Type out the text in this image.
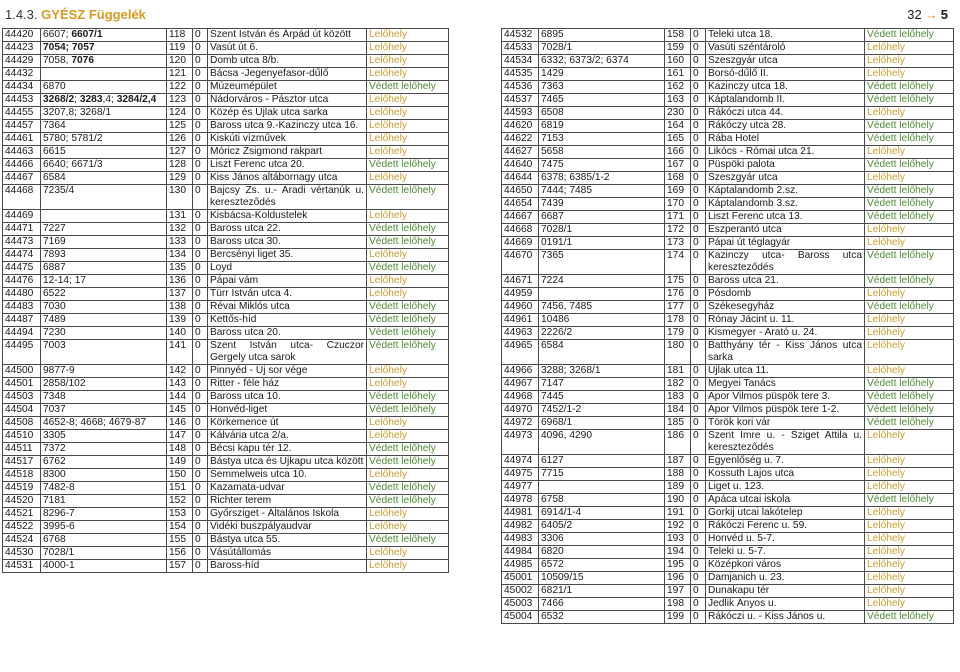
1.4.3. GYÉSZ Függelék	32 → 5
44420	6607; 6607/1	118	0	Szent István és Árpád út között	Lelőhely
44423	7054; 7057	119	0	Vasút út 6.	Lelőhely
44429	7058, 7076	120	0	Domb utca 8/b.	Lelőhely
44432		121	0	Bácsa -Jegenyefasor-dűlő	Lelőhely
44434	6870	122	0	Múzeumépület	Védett lelőhely
44453	3268/2; 3283,4; 3284/2,4	123	0	Nádorváros - Pásztor utca	Lelőhely
44455	3207,8; 3268/1	124	0	Közép és Újlak utca sarka	Lelőhely
44457	7364	125	0	Baross utca 9.-Kazinczy utca 16.	Lelőhely
44461	5780; 5781/2	126	0	Kiskúti vízművek	Lelőhely
44463	6615	127	0	Móricz Zsigmond rakpart	Lelőhely
44466	6640; 6671/3	128	0	Liszt Ferenc utca 20.	Védett lelőhely
44467	6584	129	0	Kiss János altábornagy utca	Lelőhely
44468	7235/4	130	0	Bajcsy Zs. u.- Aradi vértanúk u. kereszteződés	Védett lelőhely
44469		131	0	Kisbácsa-Koldustelek	Lelőhely
44471	7227	132	0	Baross utca 22.	Védett lelőhely
44473	7169	133	0	Baross utca 30.	Védett lelőhely
44474	7893	134	0	Bercsényi liget 35.	Lelőhely
44475	6887	135	0	Loyd	Védett lelőhely
44476	12-14; 17	136	0	Pápai vám	Lelőhely
44480	6522	137	0	Türr István utca 4.	Lelőhely
44483	7030	138	0	Révai Miklós utca	Védett lelőhely
44487	7489	139	0	Kettős-híd	Védett lelőhely
44494	7230	140	0	Baross utca 20.	Védett lelőhely
44495	7003	141	0	Szent István utca- Czuczor Gergely utca sarok	Védett lelőhely
44500	9877-9	142	0	Pinnyéd - Új sor vége	Lelőhely
44501	2858/102	143	0	Ritter - féle ház	Lelőhely
44503	7348	144	0	Baross utca 10.	Védett lelőhely
44504	7037	145	0	Honvéd-liget	Védett lelőhely
44508	4652-8; 4668; 4679-87	146	0	Körkemence út	Lelőhely
44510	3305	147	0	Kálvária utca 2/a.	Lelőhely
44511	7372	148	0	Bécsi kapu tér 12.	Védett lelőhely
44517	6762	149	0	Bástya utca és Újkapu utca között	Védett lelőhely
44518	8300	150	0	Semmelweis utca 10.	Lelőhely
44519	7482-8	151	0	Kazamata-udvar	Védett lelőhely
44520	7181	152	0	Richter terem	Védett lelőhely
44521	8296-7	153	0	Győrsziget - Általános Iskola	Lelőhely
44522	3995-6	154	0	Vidéki buszpályaudvar	Lelőhely
44524	6768	155	0	Bástya utca 55.	Védett lelőhely
44530	7028/1	156	0	Vásútállomás	Lelőhely
44531	4000-1	157	0	Baross-híd	Lelőhely
44532	6895	158	0	Teleki utca 18.	Védett lelőhely
44533	7028/1	159	0	Vasúti széntároló	Lelőhely
44534	6332; 6373/2; 6374	160	0	Szeszgyár utca	Lelőhely
44535	1429	161	0	Borsó-dűlő II.	Lelőhely
44536	7363	162	0	Kazinczy utca 18.	Védett lelőhely
44537	7465	163	0	Káptalandomb II.	Védett lelőhely
44593	6508	230	0	Rákóczi utca 44.	Lelőhely
44620	6819	164	0	Rákóczy utca 28.	Védett lelőhely
44622	7153	165	0	Rába Hotel	Védett lelőhely
44627	5658	166	0	Likócs - Római utca 21.	Lelőhely
44640	7475	167	0	Püspöki palota	Védett lelőhely
44644	6378; 6385/1-2	168	0	Szeszgyár utca	Lelőhely
44650	7444; 7485	169	0	Káptalandomb 2.sz.	Védett lelőhely
44654	7439	170	0	Káptalandomb 3.sz.	Védett lelőhely
44667	6687	171	0	Liszt Ferenc utca 13.	Védett lelőhely
44668	7028/1	172	0	Eszperantó utca	Lelőhely
44669	0191/1	173	0	Pápai út téglagyár	Lelőhely
44670	7365	174	0	Kazinczy utca- Baross utca kereszteződés	Védett lelőhely
44671	7224	175	0	Baross utca 21.	Védett lelőhely
44959		176	0	Pósdomb	Lelőhely
44960	7456, 7485	177	0	Székesegyház	Védett lelőhely
44961	10486	178	0	Rónay Jácint u. 11.	Lelőhely
44963	2226/2	179	0	Kismegyer - Arató u. 24.	Lelőhely
44965	6584	180	0	Batthyány tér - Kiss János utca sarka	Lelőhely
44966	3288; 3268/1	181	0	Újlak utca 11.	Lelőhely
44967	7147	182	0	Megyei Tanács	Védett lelőhely
44968	7445	183	0	Apor Vilmos püspök tere 3.	Védett lelőhely
44970	7452/1-2	184	0	Apor Vilmos püspök tere 1-2.	Védett lelőhely
44972	6968/1	185	0	Török kori vár	Védett lelőhely
44973	4096, 4290	186	0	Szent Imre u. - Sziget Attila u. kereszteződés	Lelőhely
44974	6127	187	0	Egyenlőség u. 7.	Lelőhely
44975	7715	188	0	Kossuth Lajos utca	Lelőhely
44977		189	0	Liget u. 123.	Lelőhely
44978	6758	190	0	Apáca utcai iskola	Védett lelőhely
44981	6914/1-4	191	0	Gorkij utcai lakótelep	Lelőhely
44982	6405/2	192	0	Rákóczi Ferenc u. 59.	Lelőhely
44983	3306	193	0	Honvéd u. 5-7.	Lelőhely
44984	6820	194	0	Teleki u. 5-7.	Lelőhely
44985	6572	195	0	Középkori város	Lelőhely
45001	10509/15	196	0	Damjanich u. 23.	Lelőhely
45002	6821/1	197	0	Dunakapu tér	Lelőhely
45003	7466	198	0	Jedlik Ányos u.	Lelőhely
45004	6532	199	0	Rákóczi u. - Kiss János u.	Védett lelőhely
